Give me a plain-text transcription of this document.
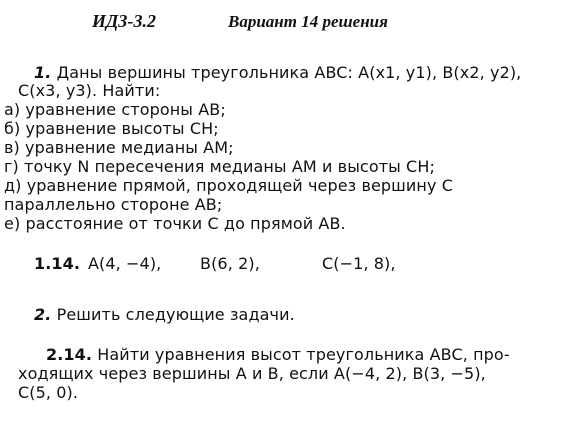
ИДЗ-3.2	Вариант 14 решения
1. Даны вершины треугольника ABC: A(x1, y1), B(x2, y2),
C(x3, y3). Найти:
а) уравнение стороны AB;
б) уравнение высоты CH;
в) уравнение медианы AM;
г) точку N пересечения медианы AM и высоты CH;
д) уравнение прямой, проходящей через вершину C
параллельно стороне AB;
е) расстояние от точки C до прямой AB.
1.14. A(4, −4), B(6, 2),	C(−1, 8),
2. Решить следующие задачи.
2.14. Найти уравнения высот треугольника ABC, про-
ходящих через вершины A и B, если A(−4, 2), B(3, −5),
C(5, 0).
